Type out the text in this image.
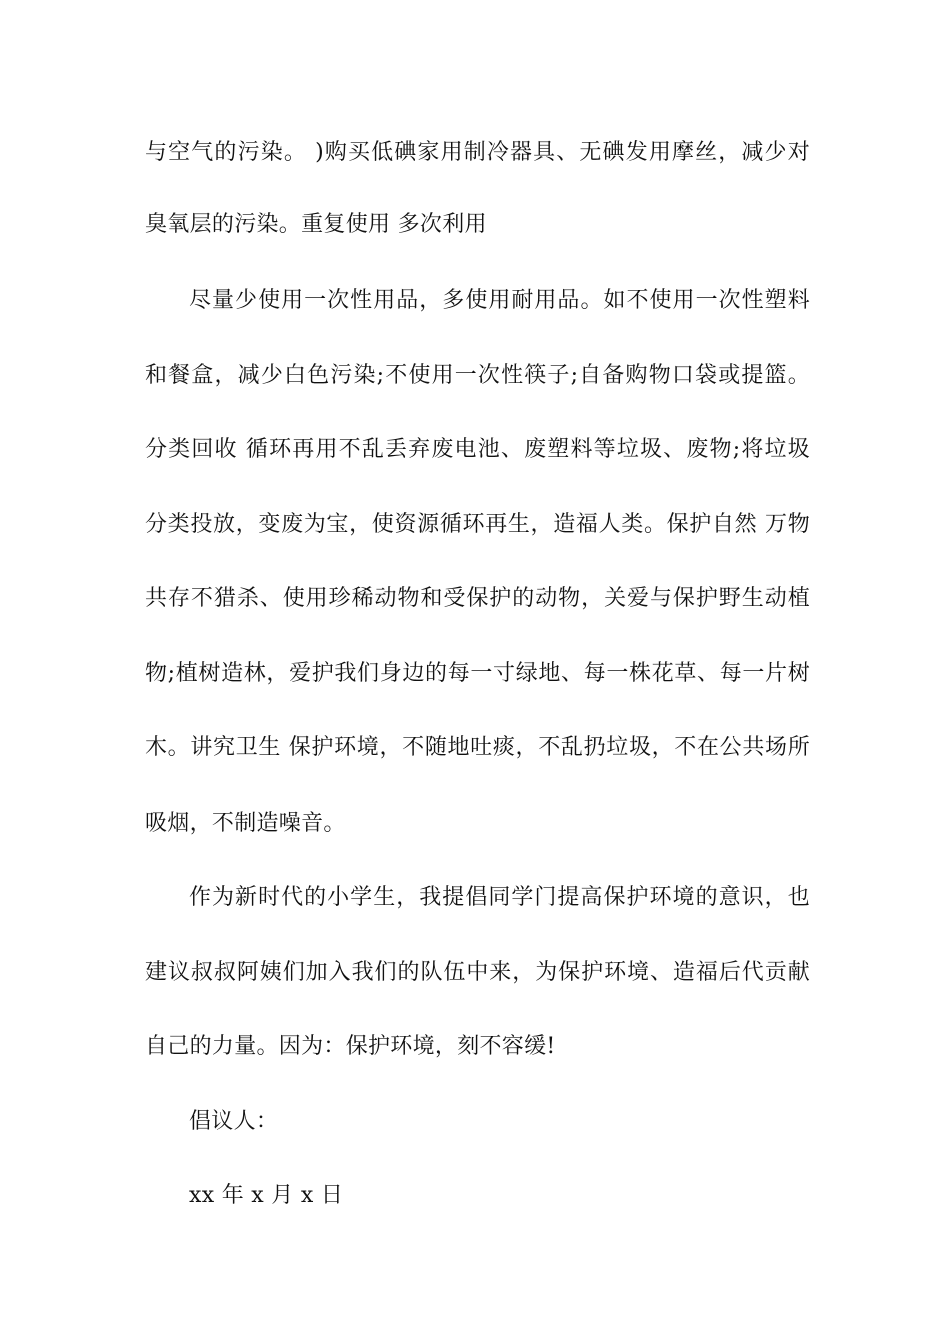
与空气的污染。 )购买低碘家用制冷器具、无碘发用摩丝，减少对
臭氧层的污染。重复使用 多次利用
尽量少使用一次性用品，多使用耐用品。如不使用一次性塑料
和餐盒，减少白色污染;不使用一次性筷子;自备购物口袋或提篮。
分类回收 循环再用不乱丢弃废电池、废塑料等垃圾、废物;将垃圾
分类投放，变废为宝，使资源循环再生，造福人类。保护自然 万物
共存不猎杀、使用珍稀动物和受保护的动物，关爱与保护野生动植
物;植树造林，爱护我们身边的每一寸绿地、每一株花草、每一片树
木。讲究卫生 保护环境，不随地吐痰，不乱扔垃圾，不在公共场所
吸烟，不制造噪音。
作为新时代的小学生，我提倡同学门提高保护环境的意识，也
建议叔叔阿姨们加入我们的队伍中来，为保护环境、造福后代贡献
自己的力量。因为：保护环境，刻不容缓!
倡议人：
xx 年 x 月 x 日
